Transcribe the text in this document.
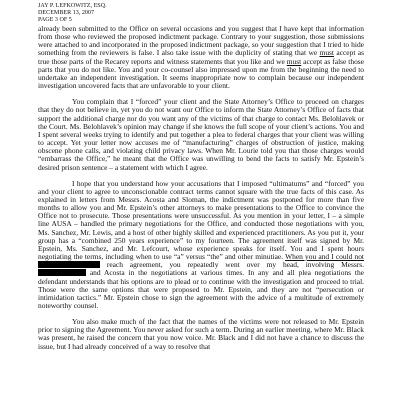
JAY P. LEFKOWITZ, ESQ.
DECEMBER 13, 2007
PAGE 3 OF 5

already been submitted to the Office on several occasions and you suggest that I have kept that information from those who reviewed the proposed indictment package. Contrary to your suggestion, those submissions were attached to and incorporated in the proposed indictment package, so your suggestion that I tried to hide something from the reviewers is false. I also take issue with the duplicity of stating that we must accept as true those parts of the Recarey reports and witness statements that you like and we must accept as false those parts that you do not like. You and your co-counsel also impressed upon me from the beginning the need to undertake an independent investigation. It seems inappropriate now to complain because our independent investigation uncovered facts that are unfavorable to your client.

You complain that I “forced” your client and the State Attorney’s Office to proceed on charges that they do not believe in, yet you do not want our Office to inform the State Attorney’s Office of facts that support the additional charge nor do you want any of the victims of that charge to contact Ms. Belohlavek or the Court. Ms. Belohlavek’s opinion may change if she knows the full scope of your client’s actions. You and I spent several weeks trying to identify and put together a plea to federal charges that your client was willing to accept. Yet your letter now accuses me of “manufacturing” charges of obstruction of justice, making obscene phone calls, and violating child privacy laws. When Mr. Lourie told you that those charges would “embarrass the Office,” he meant that the Office was unwilling to bend the facts to satisfy Mr. Epstein’s desired prison sentence – a statement with which I agree.

I hope that you understand how your accusations that I imposed “ultimatums” and “forced” you and your client to agree to unconscionable contract terms cannot square with the true facts of this case. As explained in letters from Messrs. Acosta and Sloman, the indictment was postponed for more than five months to allow you and Mr. Epstein’s other attorneys to make presentations to the Office to convince the Office not to prosecute. Those presentations were unsuccessful. As you mention in your letter, I – a simple line AUSA – handled the primary negotiations for the Office, and conducted those negotiations with you, Ms. Sanchez, Mr. Lewis, and a host of other highly skilled and experienced practitioners. As you put it, your group has a “combined 250 years experience” to my fourteen. The agreement itself was signed by Mr. Epstein, Ms. Sanchez, and Mr. Lefcourt, whose experience speaks for itself. You and I spent hours negotiating the terms, including when to use “a” versus “the” and other minutiae. When you and I could not reach agreement, you repeatedly went over my head, involving Messrs.  and Acosta in the negotiations at various times. In any and all plea negotiations the defendant understands that his options are to plead or to continue with the investigation and proceed to trial. Those were the same options that were proposed to Mr. Epstein, and they are not “persecution or intimidation tactics.” Mr. Epstein chose to sign the agreement with the advice of a multitude of extremely noteworthy counsel.

You also make much of the fact that the names of the victims were not released to Mr. Epstein prior to signing the Agreement. You never asked for such a term. During an earlier meeting, where Mr. Black was present, he raised the concern that you now voice. Mr. Black and I did not have a chance to discuss the issue, but I had already conceived of a way to resolve that
